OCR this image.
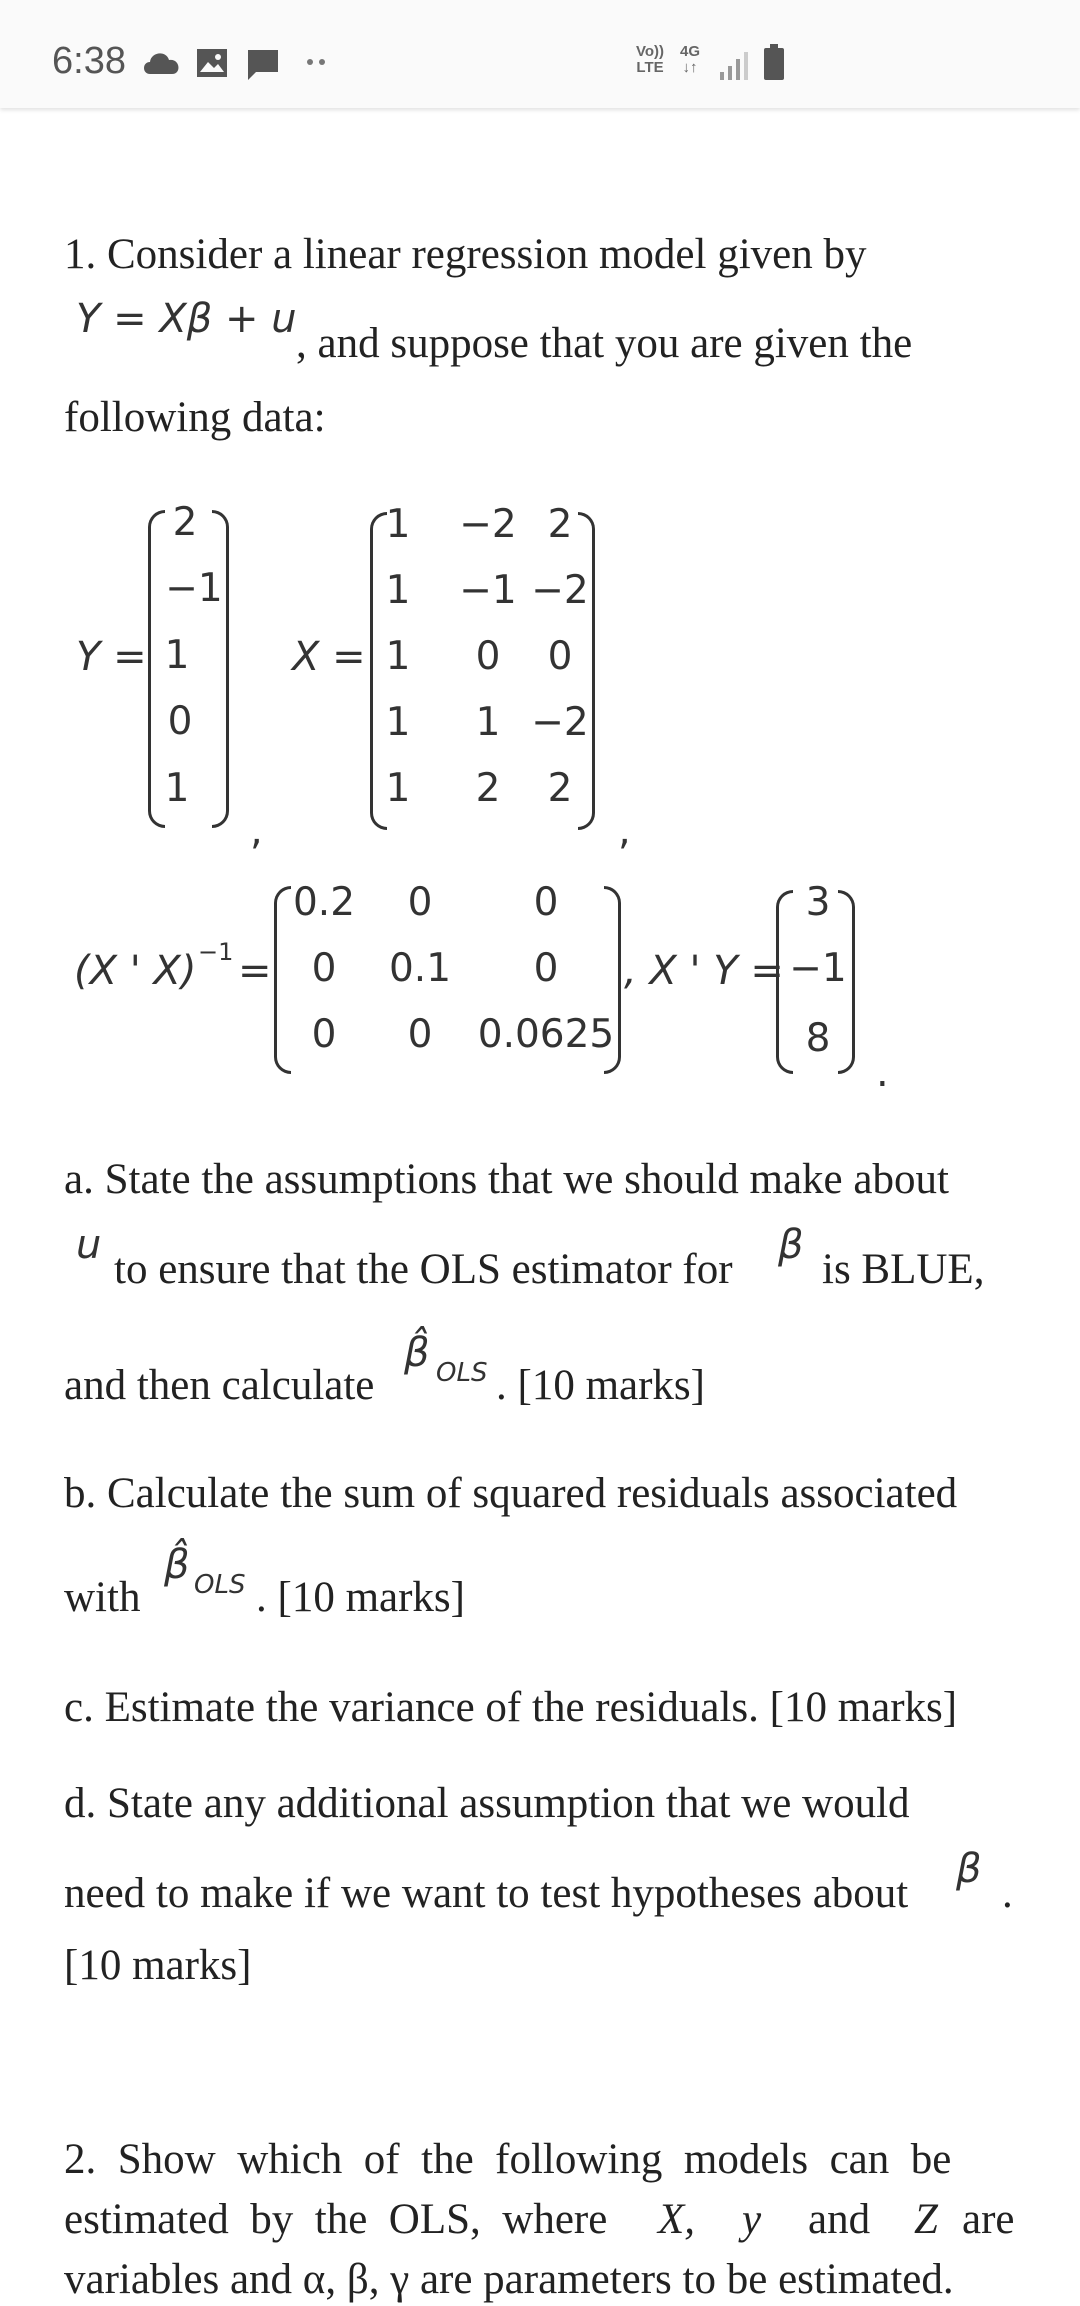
6:38	Vo))
LTE
4G
↓↑
1. Consider a linear regression model given by
Y = Xβ + u
, and suppose that you are given the
following data:
Y =
2
−1
1
0
1
,
X =
1 −2 2
1 −1 −2
1	0	0
1	1 −2
1	2	2
,
(X ' X) −1 =
0.2	0	0
0	0.1	0
0	0	0.0625
, X ' Y =
3
−1
8
.
a. State the assumptions that we should make about
u
to ensure that the OLS estimator for
β
is BLUE,
and then calculate
β̂ OLS . [10 marks]
b. Calculate the sum of squared residuals associated
with
β̂ OLS . [10 marks]
c. Estimate the variance of the residuals. [10 marks]
d. State any additional assumption that we would
need to make if we want to test hypotheses about
β
.
[10 marks]
2.  Show  which  of  the  following  models  can  be
estimated  by  the  OLS,  where X, y and Z are
variables and α, β, γ are parameters to be estimated.
